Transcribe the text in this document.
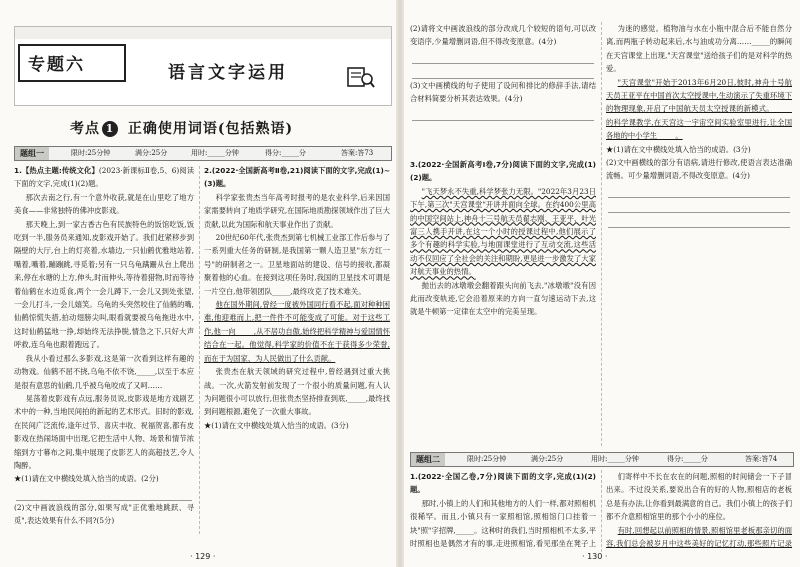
专题六	语言文字运用
考点 1 正确使用词语(包括熟语)
题组一	限时:25分钟	满分:25分	用时:_____分钟	得分:_____分	答案:答73

1.【热点主题:传统文化】(2023·新课标Ⅱ卷,5、6)阅读下面的文字,完成(1)(2)题。

那次去南之行,有一个意外收获,就是在山里吃了地方美食——非常独特的佛冲皮影戏。

那天晚上,到一家古香古色有民族特色的饭馆吃饭,饭吃到一半,服务员来通知,皮影戏开始了。我们赶紧移步到隔壁的大厅,台上的灯亮着,水墙边,一只仙鹤优雅地站着,嘴着,嘴着,蹦蹦跳,寻觅着;另有一只乌龟蹒跚从台上爬出来,停在水塘的上方,伸头,时而伸头,等待着猎物,时而等待着仙鹤在水边觅食,两个一会儿蹲下,一会儿又到处张望,一会儿打斗,一会儿嬉笑。乌龟的头突然咬住了仙鹤的嘴,仙鹤惊慌失措,拍动翅膀尖叫,眼看就要被乌龟拖进水中,这时仙鹤猛地一挣,却始终无法挣脱,情急之下,只好大声呼救,连乌龟也跟着跑远了。

我从小看过那么多影戏,这是第一次看到这样有趣的动物戏。仙鹤不屈不挠,乌龟不依不饶,_____,以至于本应是很有意思的仙鹤,几乎被乌龟咬成了又呵……

晃荡着皮影戏有点远,服务员说,皮影戏是地方戏剧艺术中的一种,当地民间拍的新起的艺术形式。旧时的影戏,在民间广泛流传,逢年过节、喜庆丰收、祝福贺喜,都有皮影戏在热闹场面中出现,它把生活中人物、场景和情节浓缩到方寸幕布之间,集中展现了皮影艺人的高超技艺,令人陶醉。

★(1)请在文中横线处填入恰当的成语。(2分)

(2)文中画波浪线的部分,如果写成"正优雅地跳跃、寻觅",表达效果有什么不同?(5分)

2.(2022·全国新高考Ⅱ卷,21)阅读下面的文字,完成(1)~(3)题。

科学家张贵杰当年高考时报考的是农业科学,后来因国家需要转向了地质学研究,在国际地质勘探领域作出了巨大贡献,以此为国际和航天事业作出了贡献。

20世纪60年代,张贵杰到第七机械工业部工作后参与了一系列重大任务的研制,是我国第一颗人造卫星"东方红一号"的研制者之一。卫星地面站的建设、信号的接收,都凝聚着他的心血。在接到这项任务时,我国的卫星技术可谓是一片空白,他带领团队_____,最终攻克了技术难关。

他在国外期间,曾经一度被外国同行看不起,面对种种困难,他迎难而上,把一件件不可能变成了可能。对于这些工作,他一向_____,从不居功自傲,始终把科学精神与爱国情怀结合在一起。他觉得,科学家的价值不在于获得多少荣誉,而在于为国家、为人民做出了什么贡献。

张贵杰在航天领域的研究过程中,曾经遇到过重大挑战。一次,火箭发射前发现了一个很小的质量问题,有人认为问题很小可以放行,但张贵杰坚持排查到底,_____,最终找到问题根源,避免了一次重大事故。

★(1)请在文中横线处填入恰当的成语。(3分)

· 129 ·

(2)请将文中画波浪线的部分改成几个较短的语句,可以改变语序,少量增删词语,但不得改变原意。(4分)

(3)文中画横线的句子使用了设问和排比的修辞手法,请结合材料简要分析其表达效果。(4分)

3.(2022·全国新高考Ⅰ卷,7分)阅读下面的文字,完成(1)(2)题。

"飞天梦永不失重,科学梦张力无限。"2022年3月23日下午,第三次"天宫课堂"开讲并面向全球。在约400公里高的中国空间站上,神舟十三号航天员翟志刚、王亚平、叶光富三人携手开讲,在这一个小时的授课过程中,他们展示了多个有趣的科学实验,与地面课堂进行了互动交流,这些活动不仅回应了全社会的关注和期盼,更是进一步激发了大家对航天事业的热情。

抛出去的冰墩墩会翻着跟头向前飞去,"冰墩墩"没有因此而改变轨迹,它会沿着原来的方向一直匀速运动下去,这就是牛顿第一定律在太空中的完美呈现。

为迷的感觉。植物油与水在小瓶中混合后不能自然分离,而两瓶子转动起来后,水与油成功分离……_____的瞬间在天宫课堂上出现,"天宫课堂"送给孩子们的是对科学的热爱。

"天宫课堂"开始于2013年6月20日,彼时,神舟十号航天员王亚平在中国首次太空授课中,生动演示了失重环境下的物理现象,开启了中国航天员太空授课的新模式。_____的科学课教学,在天宫这一宇宙空间实验室里进行,让全国各地的中小学生_____。

★(1)请在文中横线处填入恰当的成语。(3分)

(2)文中画横线的部分有语病,请进行修改,使语言表达准确流畅。可少量增删词语,不得改变原意。(4分)

题组二	限时:25分钟	满分:25分	用时:_____分钟	得分:_____分	答案:答74

1.(2022·全国乙卷,7分)阅读下面的文字,完成(1)(2)题。

那时,小镇上的人们和其他地方的人们一样,都对照相机很稀罕。而且,小镇只有一家照相馆,照相馆门口挂着一块"照"字招牌,_____。这种时的我们,当时照相机不太多,平时照相也是偶然才有的事,走进照相馆,看见那坐在凳子上

们寄样中不长在农在的问题,照相的时间储会一下子冒出来。不过没关系,要说出合有的好的人物,照相店的老板总是有办法,让你看到最满意的自己。我们小镇上的孩子们都不介意照相馆里的那个小小的座位。

有时,回想起以前照相的情景,照相馆里老板那亲切的面容,我们总会被岁月中这些美好的记忆打动,那些照片记录

· 130 ·
